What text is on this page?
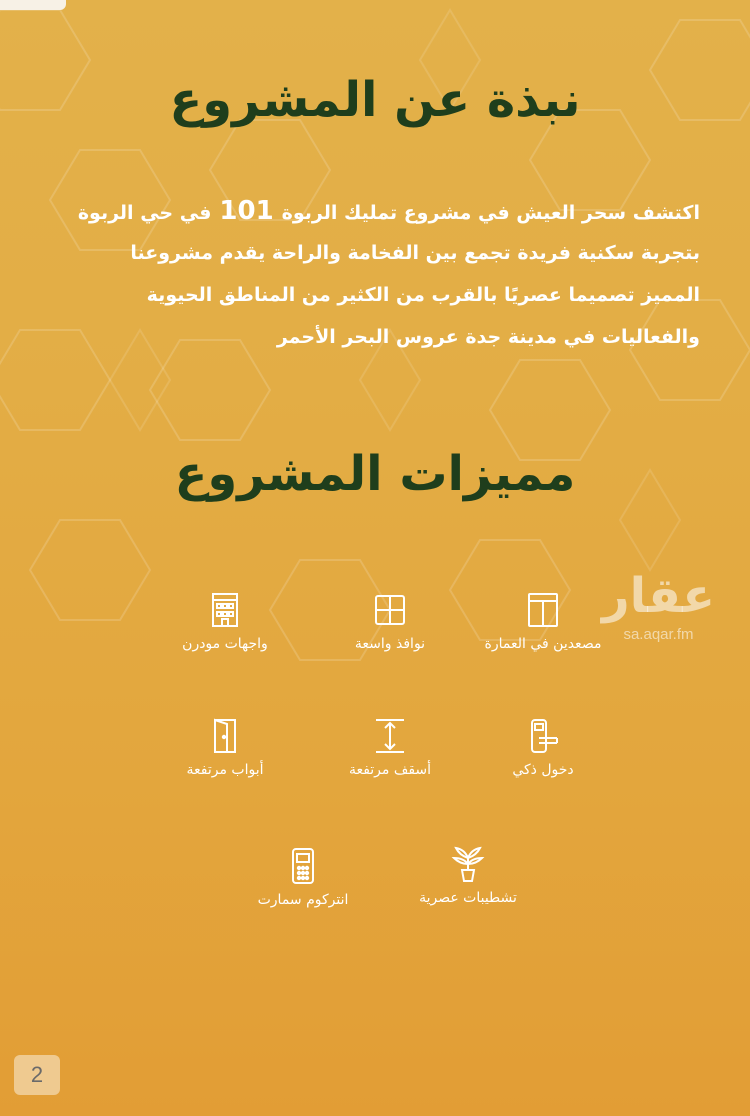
نبذة عن المشروع
اكتشف سحر العيش في مشروع تمليك الربوة101في حي الربوة
بتجربة سكنية فريدة تجمع بين الفخامة والراحة يقدم مشروعنا
المميز تصميما عصريًا بالقرب من الكثير من المناطق الحيوية
والفعاليات في مدينة جدة عروس البحر الأحمر
مميزات المشروع
مصعدين في العمارة
نوافذ واسعة
واجهات مودرن
دخول ذكي
أسقف مرتفعة
أبواب مرتفعة
تشطيبات عصرية
انتركوم سمارت
عقار
sa.aqar.fm
2
